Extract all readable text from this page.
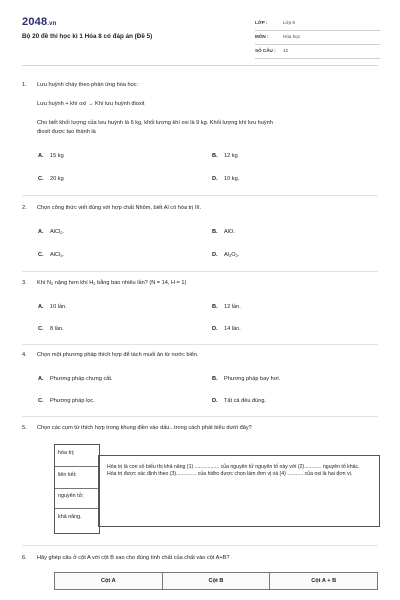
2048.vn
Bộ 20 đề thi học kì 1 Hóa 8 có đáp án (Đề 5)
LỚP :	Lớp 8
MÔN :	Hóa học
SỐ CÂU : 12
1. Lưu huỳnh cháy theo phản ứng hóa học:
Lưu huỳnh + khí oxi → Khí lưu huỳnh đioxit
Cho biết khối lượng của lưu huỳnh là 6 kg, khối lượng khí oxi là 9 kg. Khối lượng khí lưu huỳnh
đioxit được tạo thành là
A. 15 kg	B. 12 kg
C. 20 kg	D. 10 kg.
2. Chọn công thức viết đúng với hợp chất Nhôm, biết Al có hóa trị III.
A. AlCl$_2$.	B. AlO.
C. AlCl$_3$.	D. $Al_3O_2$.
3. Khí $N_2$ nặng hơn khí $H_2$ bằng bao nhiêu lần? (N = 14, H = 1)
A. 10 lần.	B. 12 lần.
C. 8 lần.	D. 14 lần.
4. Chọn một phương pháp thích hợp để tách muối ăn từ nước biển.
A. Phương pháp chưng cất.	B. Phương pháp bay hơi.
C. Phương pháp lọc.	D. Tất cả đều đúng.
5. Chọn các cụm từ thích hợp trong khung điền vào dấu...trong cách phát biểu dưới đây?
hóa trị;
liên kết;
nguyên tử;
khả năng.
Hóa trị là con số biểu thị khả năng (1) ................. của nguyên tử nguyên tố này với (2)............ nguyên tố khác. Hóa trị được xác định theo (3).............. của hiđro được chọn làm đơn vị và (4) ........... của oxi là hai đơn vị.
6. Hãy ghép câu ở cột A với cột B sao cho đúng tính chất của chất vào cột A+B?
Cột A	Cột B	Cột A + B
